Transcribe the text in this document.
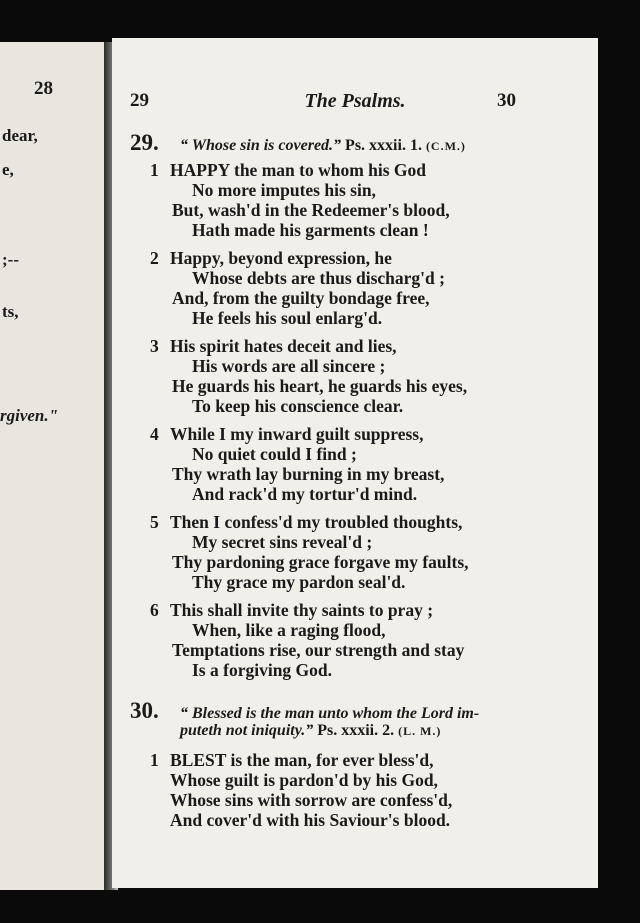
28
dear,
e,
;--
ts,
rgiven."
29	The Psalms.	30
29. “ Whose sin is covered.” Ps. xxxii. 1. (C.M.)
1 HAPPY the man to whom his God
No more imputes his sin,
But, wash'd in the Redeemer's blood,
Hath made his garments clean !
2 Happy, beyond expression, he
Whose debts are thus discharg'd ;
And, from the guilty bondage free,
He feels his soul enlarg'd.
3 His spirit hates deceit and lies,
His words are all sincere ;
He guards his heart, he guards his eyes,
To keep his conscience clear.
4 While I my inward guilt suppress,
No quiet could I find ;
Thy wrath lay burning in my breast,
And rack'd my tortur'd mind.
5 Then I confess'd my troubled thoughts,
My secret sins reveal'd ;
Thy pardoning grace forgave my faults,
Thy grace my pardon seal'd.
6 This shall invite thy saints to pray ;
When, like a raging flood,
Temptations rise, our strength and stay
Is a forgiving God.
30. “ Blessed is the man unto whom the Lord im-
puteth not iniquity.” Ps. xxxii. 2. (L. M.)
1 BLEST is the man, for ever bless'd,
Whose guilt is pardon'd by his God,
Whose sins with sorrow are confess'd,
And cover'd with his Saviour's blood.
